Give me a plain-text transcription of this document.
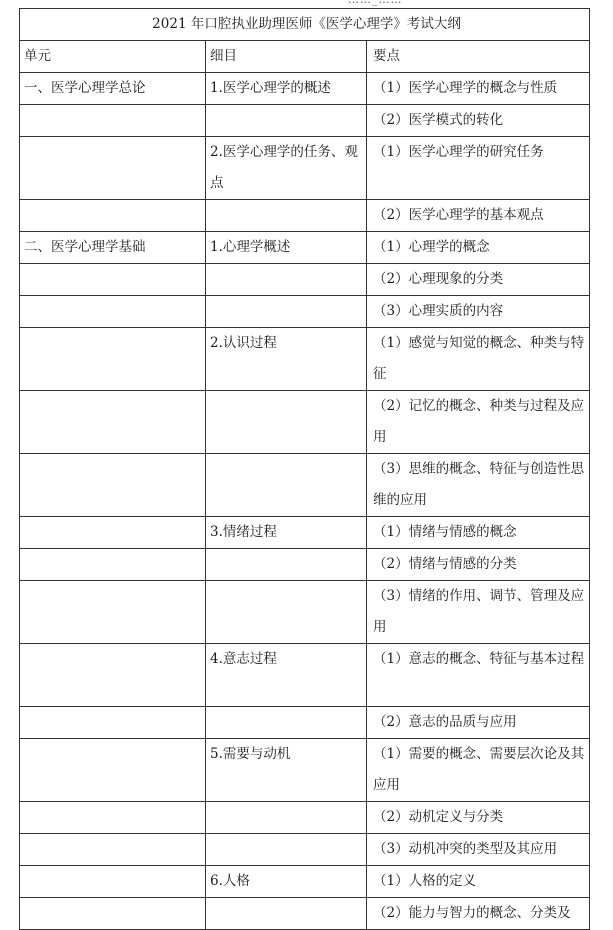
2021 年口腔执业助理医师《医学心理学》考试大纲		
单元	细目	要点
一、医学心理学总论	1.医学心理学的概述	（1）医学心理学的概念与性质
		（2）医学模式的转化
	2.医学心理学的任务、观点	（1）医学心理学的研究任务
		（2）医学心理学的基本观点
二、医学心理学基础	1.心理学概述	（1）心理学的概念
		（2）心理现象的分类
		（3）心理实质的内容
	2.认识过程	（1）感觉与知觉的概念、种类与特征
		（2）记忆的概念、种类与过程及应用
		（3）思维的概念、特征与创造性思维的应用
	3.情绪过程	（1）情绪与情感的概念
		（2）情绪与情感的分类
		（3）情绪的作用、调节、管理及应用
	4.意志过程	（1）意志的概念、特征与基本过程
		（2）意志的品质与应用
	5.需要与动机	（1）需要的概念、需要层次论及其应用
		（2）动机定义与分类
		（3）动机冲突的类型及其应用
	6.人格	（1）人格的定义
		（2）能力与智力的概念、分类及
